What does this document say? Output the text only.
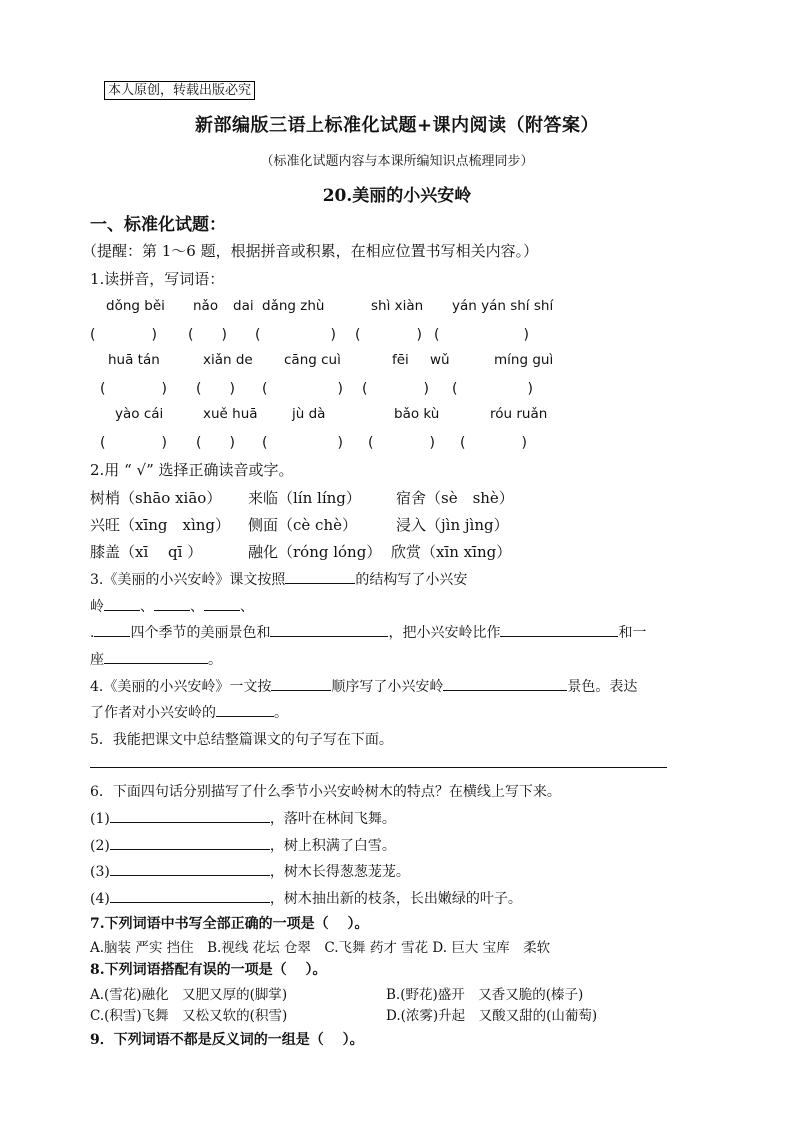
本人原创，转载出版必究
新部编版三语上标准化试题+课内阅读（附答案）
（标准化试题内容与本课所编知识点梳理同步）
20.美丽的小兴安岭
一、标准化试题：
（提醒：第 1～6 题，根据拼音或积累，在相应位置书写相关内容。）
1.读拼音，写词语：
dǒng běi nǎo dai dǎng zhù	shì xiàn yán yán shí shí
(　　　　) (　　) (　　　　　) (　　　　) (　　　　　　)
huā tán	xiǎn de cāng cuì	fēi wǔ	míng guì
(　　　　) (　　) (　　　　　) (　　　　) (　　　　　)
yào cái	xuě huā	jù dà	bǎo kù	róu ruǎn
(　　　　) (　　) (　　　　　) (　　　　) (　　　　)
2.用 “ √” 选择正确读音或字。
树梢（shāo xiāo） 来临（lín líng） 宿舍（sè　shè）
兴旺（xīng　xìng） 侧面（cè chè）	浸入（jìn jìng）
膝盖（xī　 qī ）	融化（róng lóng） 欣赏（xīn xīng）
3.《美丽的小兴安岭》课文按照	的结构写了小兴安
岭	、	、	、
.	四个季节的美丽景色和	，把小兴安岭比作	和一
座	。
4.《美丽的小兴安岭》一文按	顺序写了小兴安岭	景色。表达
了作者对小兴安岭的	。
5．我能把课文中总结整篇课文的句子写在下面。
6．下面四句话分别描写了什么季节小兴安岭树木的特点？在横线上写下来。
(1)	，落叶在林间飞舞。
(2)	，树上积满了白雪。
(3)	，树木长得葱葱茏茏。
(4)	，树木抽出新的枝条，长出嫩绿的叶子。
7.下列词语中书写全部正确的一项是（　 ）。
A.脑装 严实 挡住　B.视线 花坛 仓翠　C.飞舞 药才 雪花 D. 巨大 宝库　柔软
8.下列词语搭配有误的一项是（　 ）。
A.(雪花)融化　又肥又厚的(脚掌)	B.(野花)盛开　又香又脆的(榛子)
C.(积雪)飞舞　又松又软的(积雪)	D.(浓雾)升起　又酸又甜的(山葡萄)
9．下列词语不都是反义词的一组是（　 ）。
